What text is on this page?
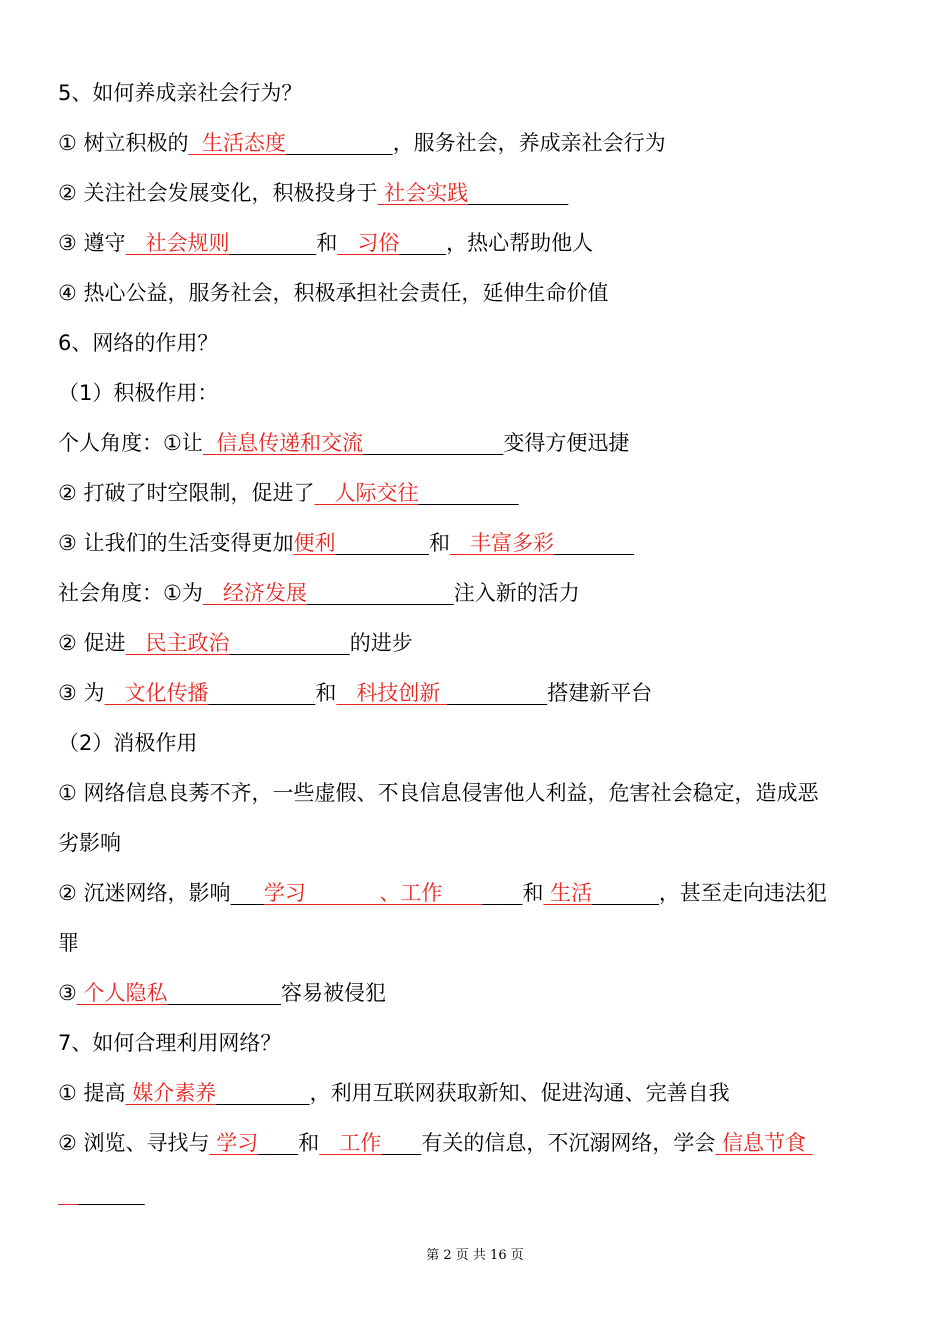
5、如何养成亲社会行为？
① 树立积极的 生活态度	，服务社会，养成亲社会行为
② 关注社会发展变化，积极投身于 社会实践
③ 遵守 社会规则	和 习俗 ，热心帮助他人
④ 热心公益，服务社会，积极承担社会责任，延伸生命价值
6、网络的作用？
（1）积极作用：
个人角度：①让 信息传递和交流	变得方便迅捷
② 打破了时空限制，促进了 人际交往
③ 让我们的生活变得更加便利	和 丰富多彩
社会角度：①为 经济发展	注入新的活力
② 促进 民主政治	的进步
③ 为 文化传播	和 科技创新	搭建新平台
（2）消极作用
① 网络信息良莠不齐，一些虚假、不良信息侵害他人利益，危害社会稳定，造成恶
劣影响
② 沉迷网络，影响 学习	、工作	和 生活	，甚至走向违法犯
罪
③ 个人隐私	容易被侵犯
7、如何合理利用网络？
① 提高 媒介素养	，利用互联网获取新知、促进沟通、完善自我
② 浏览、寻找与 学习 和 工作 有关的信息，不沉溺网络，学会 信息节食

第 2 页 共 16 页
